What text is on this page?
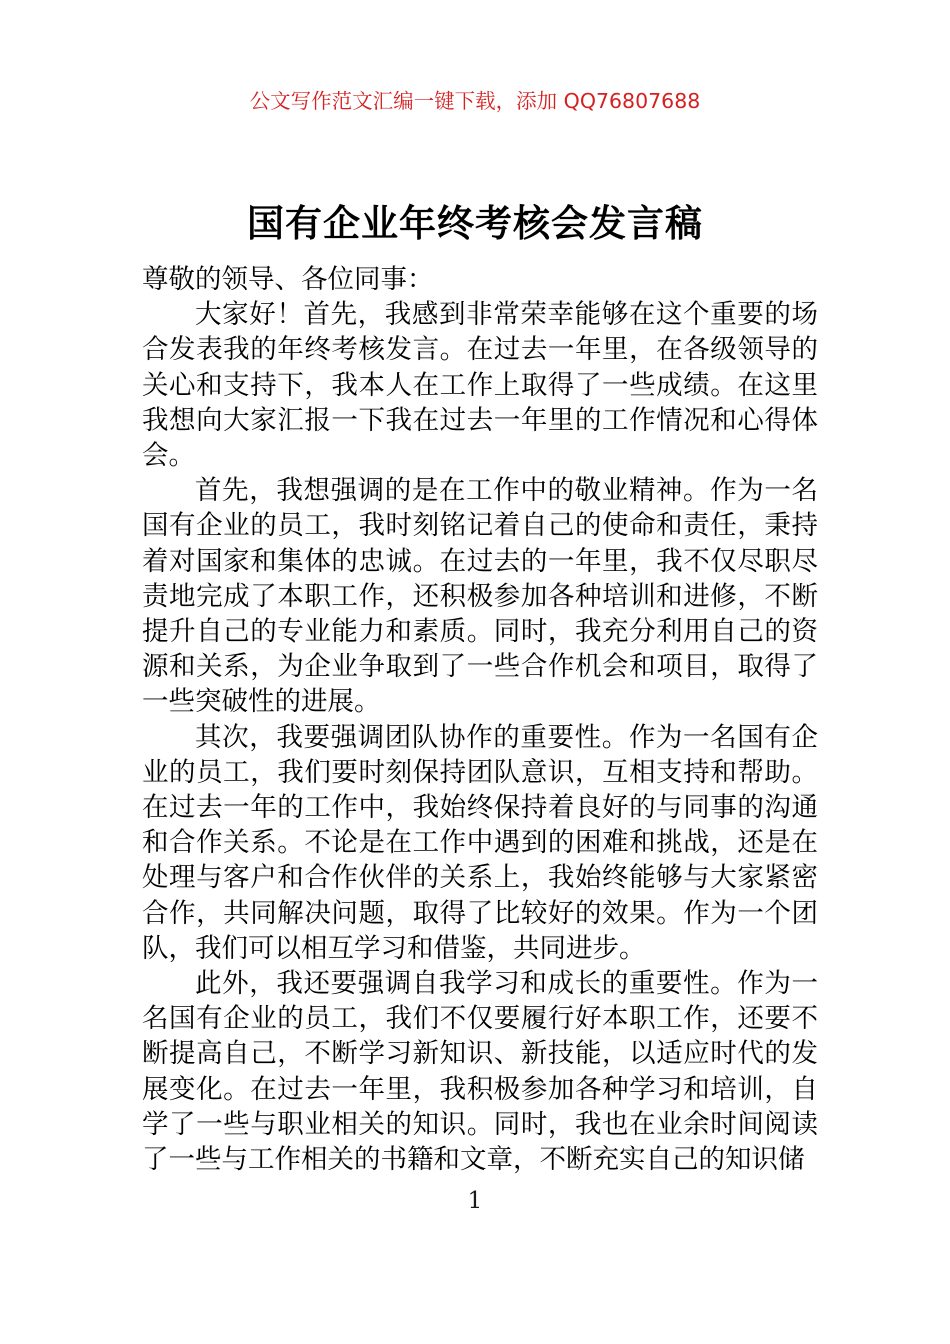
公文写作范文汇编一键下载，添加 QQ76807688
国有企业年终考核会发言稿

尊敬的领导、各位同事：

大家好！首先，我感到非常荣幸能够在这个重要的场合发表我的年终考核发言。在过去一年里，在各级领导的关心和支持下，我本人在工作上取得了一些成绩。在这里我想向大家汇报一下我在过去一年里的工作情况和心得体会。

首先，我想强调的是在工作中的敬业精神。作为一名国有企业的员工，我时刻铭记着自己的使命和责任，秉持着对国家和集体的忠诚。在过去的一年里，我不仅尽职尽责地完成了本职工作，还积极参加各种培训和进修，不断提升自己的专业能力和素质。同时，我充分利用自己的资源和关系，为企业争取到了一些合作机会和项目，取得了一些突破性的进展。

其次，我要强调团队协作的重要性。作为一名国有企业的员工，我们要时刻保持团队意识，互相支持和帮助。在过去一年的工作中，我始终保持着良好的与同事的沟通和合作关系。不论是在工作中遇到的困难和挑战，还是在处理与客户和合作伙伴的关系上，我始终能够与大家紧密合作，共同解决问题，取得了比较好的效果。作为一个团队，我们可以相互学习和借鉴，共同进步。

此外，我还要强调自我学习和成长的重要性。作为一名国有企业的员工，我们不仅要履行好本职工作，还要不断提高自己，不断学习新知识、新技能，以适应时代的发展变化。在过去一年里，我积极参加各种学习和培训，自学了一些与职业相关的知识。同时，我也在业余时间阅读了一些与工作相关的书籍和文章，不断充实自己的知识储

1
